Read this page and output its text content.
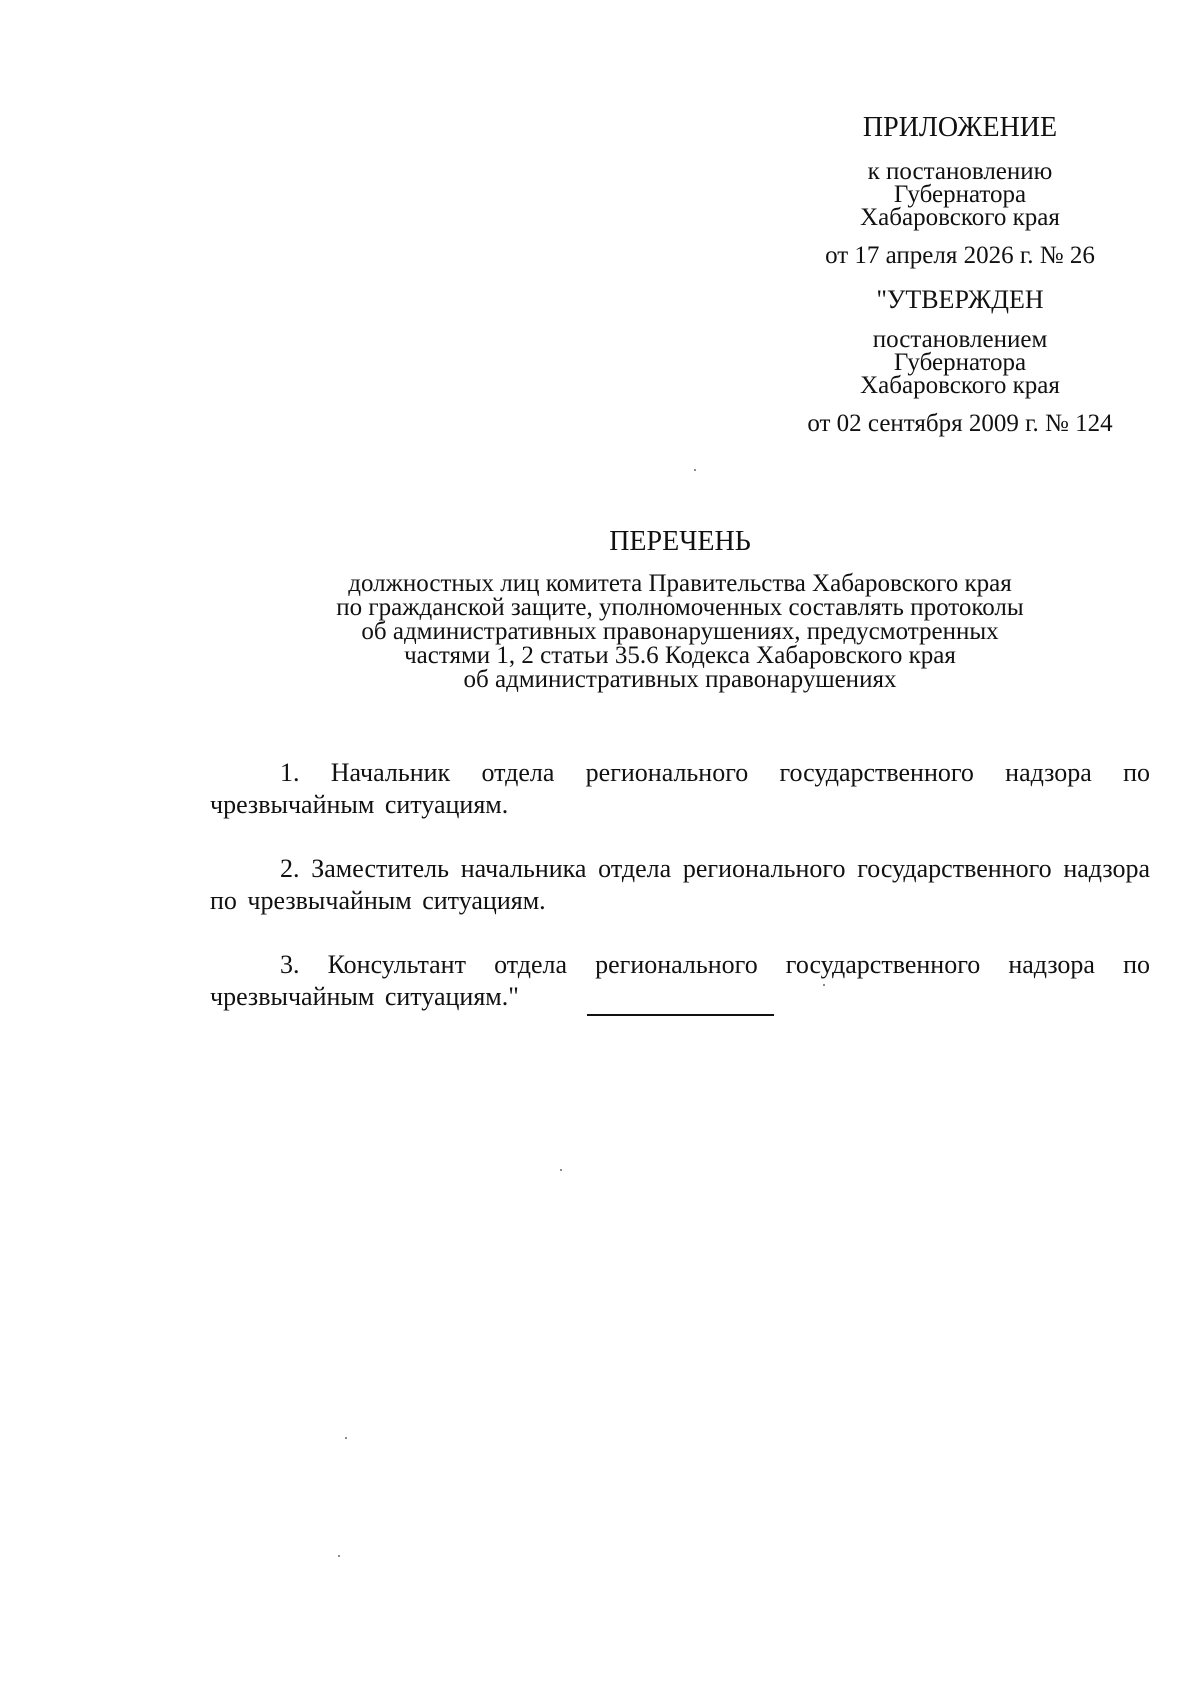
ПРИЛОЖЕНИЕ
к постановлению
Губернатора
Хабаровского края
от 17 апреля 2026 г. № 26
"УТВЕРЖДЕН
постановлением
Губернатора
Хабаровского края
от 02 сентября 2009 г. № 124
ПЕРЕЧЕНЬ
должностных лиц комитета Правительства Хабаровского края
по гражданской защите, уполномоченных составлять протоколы
об административных правонарушениях, предусмотренных
частями 1, 2 статьи 35.6 Кодекса Хабаровского края
об административных правонарушениях

1. Начальник отдела регионального государственного надзора по чрезвычайным ситуациям.

2. Заместитель начальника отдела регионального государственного надзора по чрезвычайным ситуациям.

3. Консультант отдела регионального государственного надзора по чрезвычайным ситуациям."
